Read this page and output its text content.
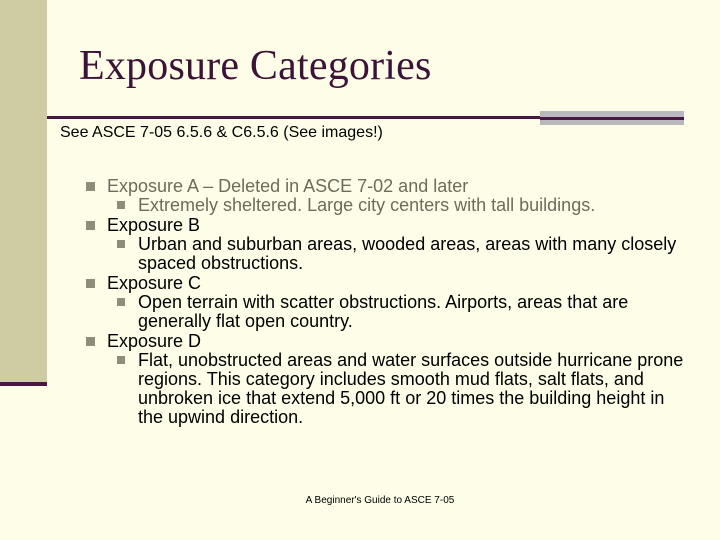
Exposure Categories
See ASCE 7-05 6.5.6 & C6.5.6 (See images!)
Exposure A – Deleted in ASCE 7-02 and later
Extremely sheltered. Large city centers with tall buildings.
Exposure B
Urban and suburban areas, wooded areas, areas with many closely spaced obstructions.
Exposure C
Open terrain with scatter obstructions. Airports, areas that are generally flat open country.
Exposure D
Flat, unobstructed areas and water surfaces outside hurricane prone regions. This category includes smooth mud flats, salt flats, and unbroken ice that extend 5,000 ft or 20 times the building height in the upwind direction.
A Beginner's Guide to ASCE 7-05
